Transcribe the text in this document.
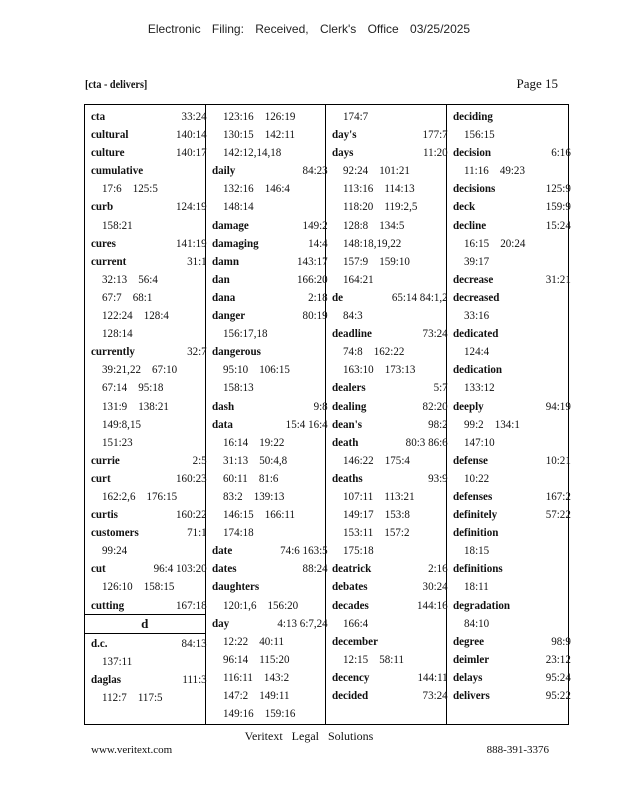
Electronic Filing: Received, Clerk's Office 03/25/2025
[cta - delivers]	Page 15
cta	33:24
cultural	140:14
culture	140:17
cumulative
17:6 125:5
curb	124:19
158:21
cures	141:19
current	31:1
32:13 56:4
67:7 68:1
122:24 128:4
128:14
currently	32:7
39:21,22 67:10
67:14 95:18
131:9 138:21
149:8,15
151:23
currie	2:5
curt	160:23
162:2,6 176:15
curtis	160:22
customers	71:1
99:24
cut	96:4 103:20
126:10 158:15
cutting	167:18
d
d.c.	84:13
137:11
daglas	111:3
112:7 117:5
123:16 126:19
130:15 142:11
142:12,14,18
daily	84:23
132:16 146:4
148:14
damage	149:2
damaging	14:4
damn	143:17
dan	166:20
dana	2:18
danger	80:19
156:17,18
dangerous
95:10 106:15
158:13
dash	9:8
data	15:4 16:4
16:14 19:22
31:13 50:4,8
60:11 81:6
83:2 139:13
146:15 166:11
174:18
date	74:6 163:5
dates	88:24
daughters
120:1,6 156:20
day	4:13 6:7,24
12:22 40:11
96:14 115:20
116:11 143:2
147:2 149:11
149:16 159:16
174:7
day's	177:7
days	11:20
92:24 101:21
113:16 114:13
118:20 119:2,5
128:8 134:5
148:18,19,22
157:9 159:10
164:21
de	65:14 84:1,2
84:3
deadline	73:24
74:8 162:22
163:10 173:13
dealers	5:7
dealing	82:20
dean's	98:2
death	80:3 86:6
146:22 175:4
deaths	93:9
107:11 113:21
149:17 153:8
153:11 157:2
175:18
deatrick	2:16
debates	30:24
decades	144:16
166:4
december
12:15 58:11
decency	144:11
decided	73:24
deciding
156:15
decision	6:16
11:16 49:23
decisions	125:9
deck	159:9
decline	15:24
16:15 20:24
39:17
decrease	31:21
decreased
33:16
dedicated
124:4
dedication
133:12
deeply	94:19
99:2 134:1
147:10
defense	10:21
10:22
defenses	167:2
definitely	57:22
definition
18:15
definitions
18:11
degradation
84:10
degree	98:9
deimler	23:12
delays	95:24
delivers	95:22
Veritext Legal Solutions
www.veritext.com	888-391-3376
